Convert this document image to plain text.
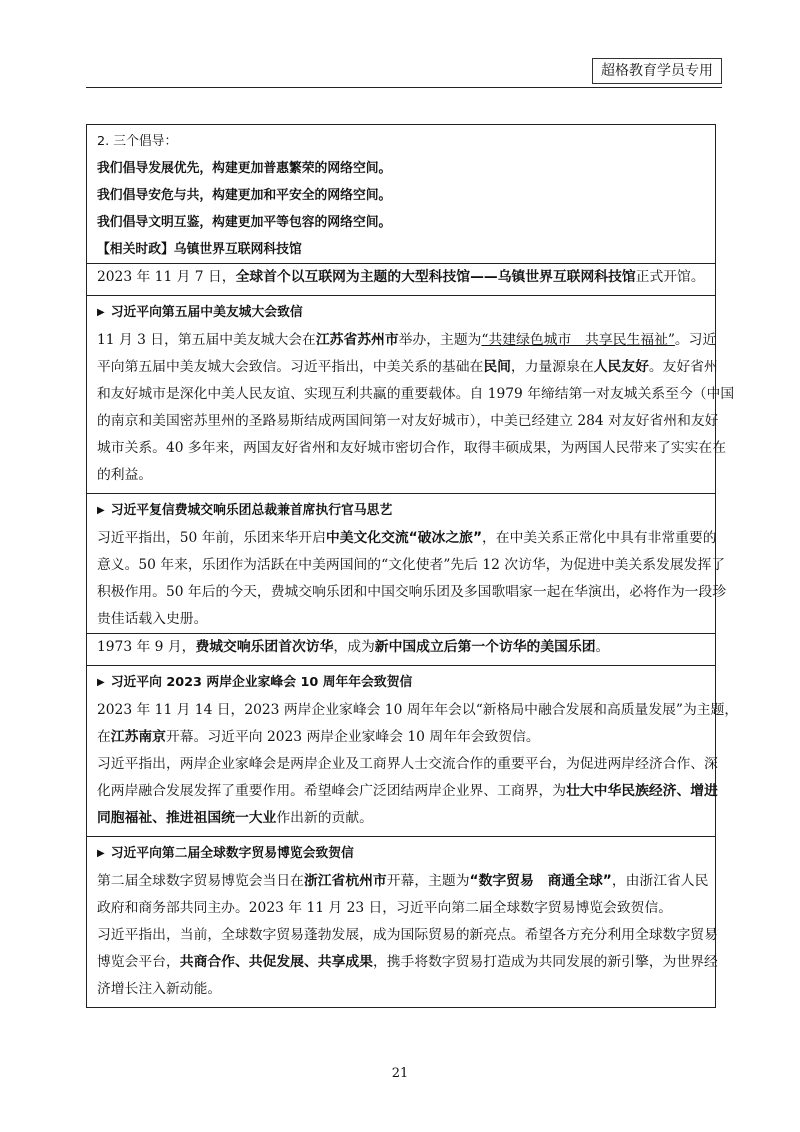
超格教育学员专用
2. 三个倡导：
我们倡导发展优先，构建更加普惠繁荣的网络空间。
我们倡导安危与共，构建更加和平安全的网络空间。
我们倡导文明互鉴，构建更加平等包容的网络空间。
【相关时政】乌镇世界互联网科技馆
2023 年 11 月 7 日，全球首个以互联网为主题的大型科技馆——乌镇世界互联网科技馆正式开馆。
▶ 习近平向第五届中美友城大会致信
11 月 3 日，第五届中美友城大会在江苏省苏州市举办，主题为“共建绿色城市　共享民生福祉”。习近
平向第五届中美友城大会致信。习近平指出，中美关系的基础在民间，力量源泉在人民友好。友好省州
和友好城市是深化中美人民友谊、实现互利共赢的重要载体。自 1979 年缔结第一对友城关系至今（中国
的南京和美国密苏里州的圣路易斯结成两国间第一对友好城市），中美已经建立 284 对友好省州和友好
城市关系。40 多年来，两国友好省州和友好城市密切合作，取得丰硕成果，为两国人民带来了实实在在
的利益。
▶ 习近平复信费城交响乐团总裁兼首席执行官马思艺
习近平指出，50 年前，乐团来华开启中美文化交流“破冰之旅”，在中美关系正常化中具有非常重要的
意义。50 年来，乐团作为活跃在中美两国间的“文化使者”先后 12 次访华，为促进中美关系发展发挥了
积极作用。50 年后的今天，费城交响乐团和中国交响乐团及多国歌唱家一起在华演出，必将作为一段珍
贵佳话载入史册。
1973 年 9 月，费城交响乐团首次访华，成为新中国成立后第一个访华的美国乐团。
▶ 习近平向 2023 两岸企业家峰会 10 周年年会致贺信
2023 年 11 月 14 日，2023 两岸企业家峰会 10 周年年会以“新格局中融合发展和高质量发展”为主题，
在江苏南京开幕。习近平向 2023 两岸企业家峰会 10 周年年会致贺信。
习近平指出，两岸企业家峰会是两岸企业及工商界人士交流合作的重要平台，为促进两岸经济合作、深
化两岸融合发展发挥了重要作用。希望峰会广泛团结两岸企业界、工商界，为壮大中华民族经济、增进
同胞福祉、推进祖国统一大业作出新的贡献。
▶ 习近平向第二届全球数字贸易博览会致贺信
第二届全球数字贸易博览会当日在浙江省杭州市开幕，主题为“数字贸易　商通全球”，由浙江省人民
政府和商务部共同主办。2023 年 11 月 23 日，习近平向第二届全球数字贸易博览会致贺信。
习近平指出，当前，全球数字贸易蓬勃发展，成为国际贸易的新亮点。希望各方充分利用全球数字贸易
博览会平台，共商合作、共促发展、共享成果，携手将数字贸易打造成为共同发展的新引擎，为世界经
济增长注入新动能。
21
